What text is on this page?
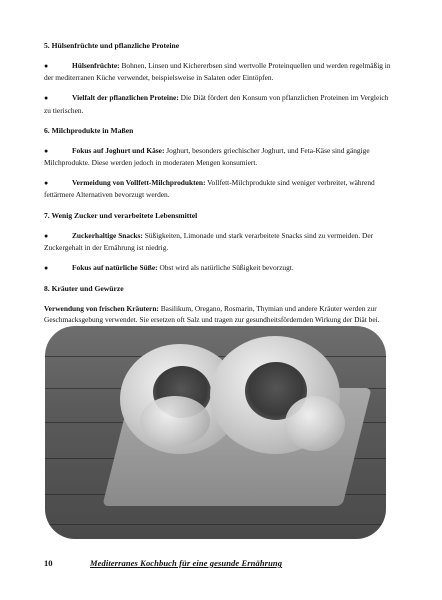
5. Hülsenfrüchte und pflanzliche Proteine
●	Hülsenfrüchte: Bohnen, Linsen und Kichererbsen sind wertvolle Proteinquellen und werden regelmäßig in der mediterranen Küche verwendet, beispielsweise in Salaten oder Eintöpfen.
●	Vielfalt der pflanzlichen Proteine: Die Diät fördert den Konsum von pflanzlichen Proteinen im Vergleich zu tierischen.
6. Milchprodukte in Maßen
●	Fokus auf Joghurt und Käse: Joghurt, besonders griechischer Joghurt, und Feta-Käse sind gängige Milchprodukte. Diese werden jedoch in moderaten Mengen konsumiert.
●	Vermeidung von Vollfett-Milchprodukten: Vollfett-Milchprodukte sind weniger verbreitet, während fettärmere Alternativen bevorzugt werden.
7. Wenig Zucker und verarbeitete Lebensmittel
●	Zuckerhaltige Snacks: Süßigkeiten, Limonade und stark verarbeitete Snacks sind zu vermeiden. Der Zuckergehalt in der Ernährung ist niedrig.
●	Fokus auf natürliche Süße: Obst wird als natürliche Süßigkeit bevorzugt.
8. Kräuter und Gewürze

Verwendung von frischen Kräutern: Basilikum, Oregano, Rosmarin, Thymian und andere Kräuter werden zur Geschmacksgebung verwendet. Sie ersetzen oft Salz und tragen zur gesundheitsfördernden Wirkung der Diät bei.

10	Mediterranes Kochbuch für eine gesunde Ernährung
